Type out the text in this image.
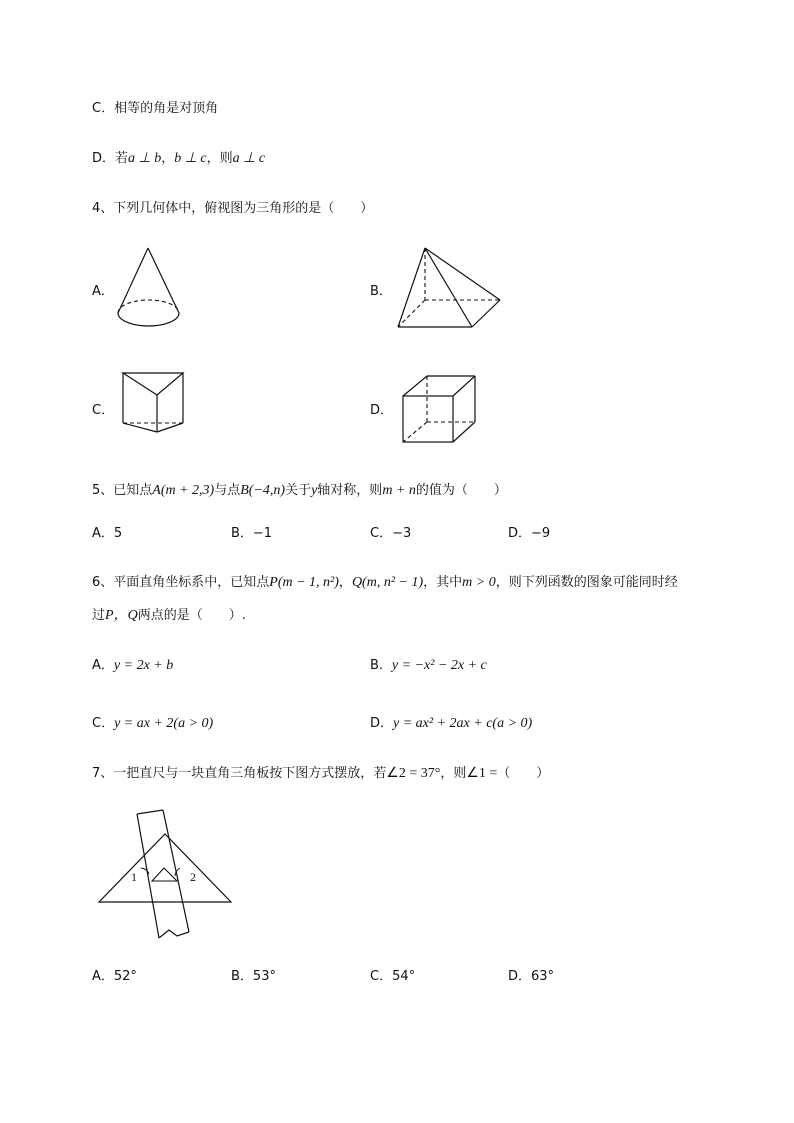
C．相等的角是对顶角
D．若a ⊥ b，b ⊥ c，则a ⊥ c
4、下列几何体中，俯视图为三角形的是（　　）
A．	B．
C．	D．
5、已知点A(m + 2,3)与点B(−4,n)关于y轴对称，则m + n的值为（　　）
A．5	B．−1	C．−3	D．−9
6、平面直角坐标系中，已知点P(m − 1, n²)，Q(m, n² − 1)，其中m > 0，则下列函数的图象可能同时经
过P，Q两点的是（　　）.
A．y = 2x + b	B．y = −x² − 2x + c
C．y = ax + 2(a > 0)	D．y = ax² + 2ax + c(a > 0)
7、一把直尺与一块直角三角板按下图方式摆放，若∠2 = 37°，则∠1 =（　　）
1	2
A．52°	B．53°	C．54°	D．63°
